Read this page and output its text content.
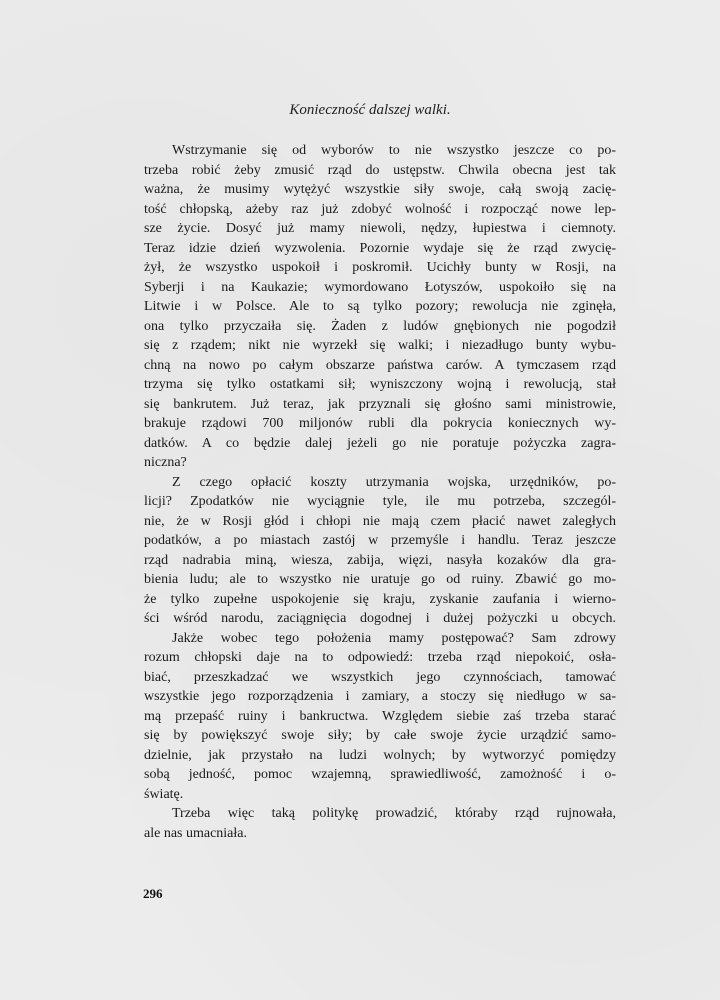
Konieczność dalszej walki.

Wstrzymanie się od wyborów to nie wszystko jeszcze co po-
trzeba robić żeby zmusić rząd do ustępstw. Chwila obecna jest tak
ważna, że musimy wytężyć wszystkie siły swoje, całą swoją zacię-
tość chłopską, ażeby raz już zdobyć wolność i rozpocząć nowe lep-
sze życie. Dosyć już mamy niewoli, nędzy, łupiestwa i ciemnoty.
Teraz idzie dzień wyzwolenia. Pozornie wydaje się że rząd zwycię-
żył, że wszystko uspokoił i poskromił. Ucichły bunty w Rosji, na
Syberji i na Kaukazie; wymordowano Łotyszów, uspokoiło się na
Litwie i w Polsce. Ale to są tylko pozory; rewolucja nie zginęła,
ona tylko przyczaiła się. Żaden z ludów gnębionych nie pogodził
się z rządem; nikt nie wyrzekł się walki; i niezadługo bunty wybu-
chną na nowo po całym obszarze państwa carów. A tymczasem rząd
trzyma się tylko ostatkami sił; wyniszczony wojną i rewolucją, stał
się bankrutem. Już teraz, jak przyznali się głośno sami ministrowie,
brakuje rządowi 700 miljonów rubli dla pokrycia koniecznych wy-
datków. A co będzie dalej jeżeli go nie poratuje pożyczka zagra-
niczna?

Z czego opłacić koszty utrzymania wojska, urzędników, po-
licji? Zpodatków nie wyciągnie tyle, ile mu potrzeba, szczegól-
nie, że w Rosji głód i chłopi nie mają czem płacić nawet zaległych
podatków, a po miastach zastój w przemyśle i handlu. Teraz jeszcze
rząd nadrabia miną, wiesza, zabija, więzi, nasyła kozaków dla gra-
bienia ludu; ale to wszystko nie uratuje go od ruiny. Zbawić go mo-
że tylko zupełne uspokojenie się kraju, zyskanie zaufania i wierno-
ści wśród narodu, zaciągnięcia dogodnej i dużej pożyczki u obcych.

Jakże wobec tego położenia mamy postępować? Sam zdrowy
rozum chłopski daje na to odpowiedź: trzeba rząd niepokoić, osła-
biać, przeszkadzać we wszystkich jego czynnościach, tamować
wszystkie jego rozporządzenia i zamiary, a stoczy się niedługo w sa-
mą przepaść ruiny i bankructwa. Względem siebie zaś trzeba starać
się by powiększyć swoje siły; by całe swoje życie urządzić samo-
dzielnie, jak przystało na ludzi wolnych; by wytworzyć pomiędzy
sobą jedność, pomoc wzajemną, sprawiedliwość, zamożność i o-
światę.

Trzeba więc taką politykę prowadzić, któraby rząd rujnowała,
ale nas umacniała.

296
